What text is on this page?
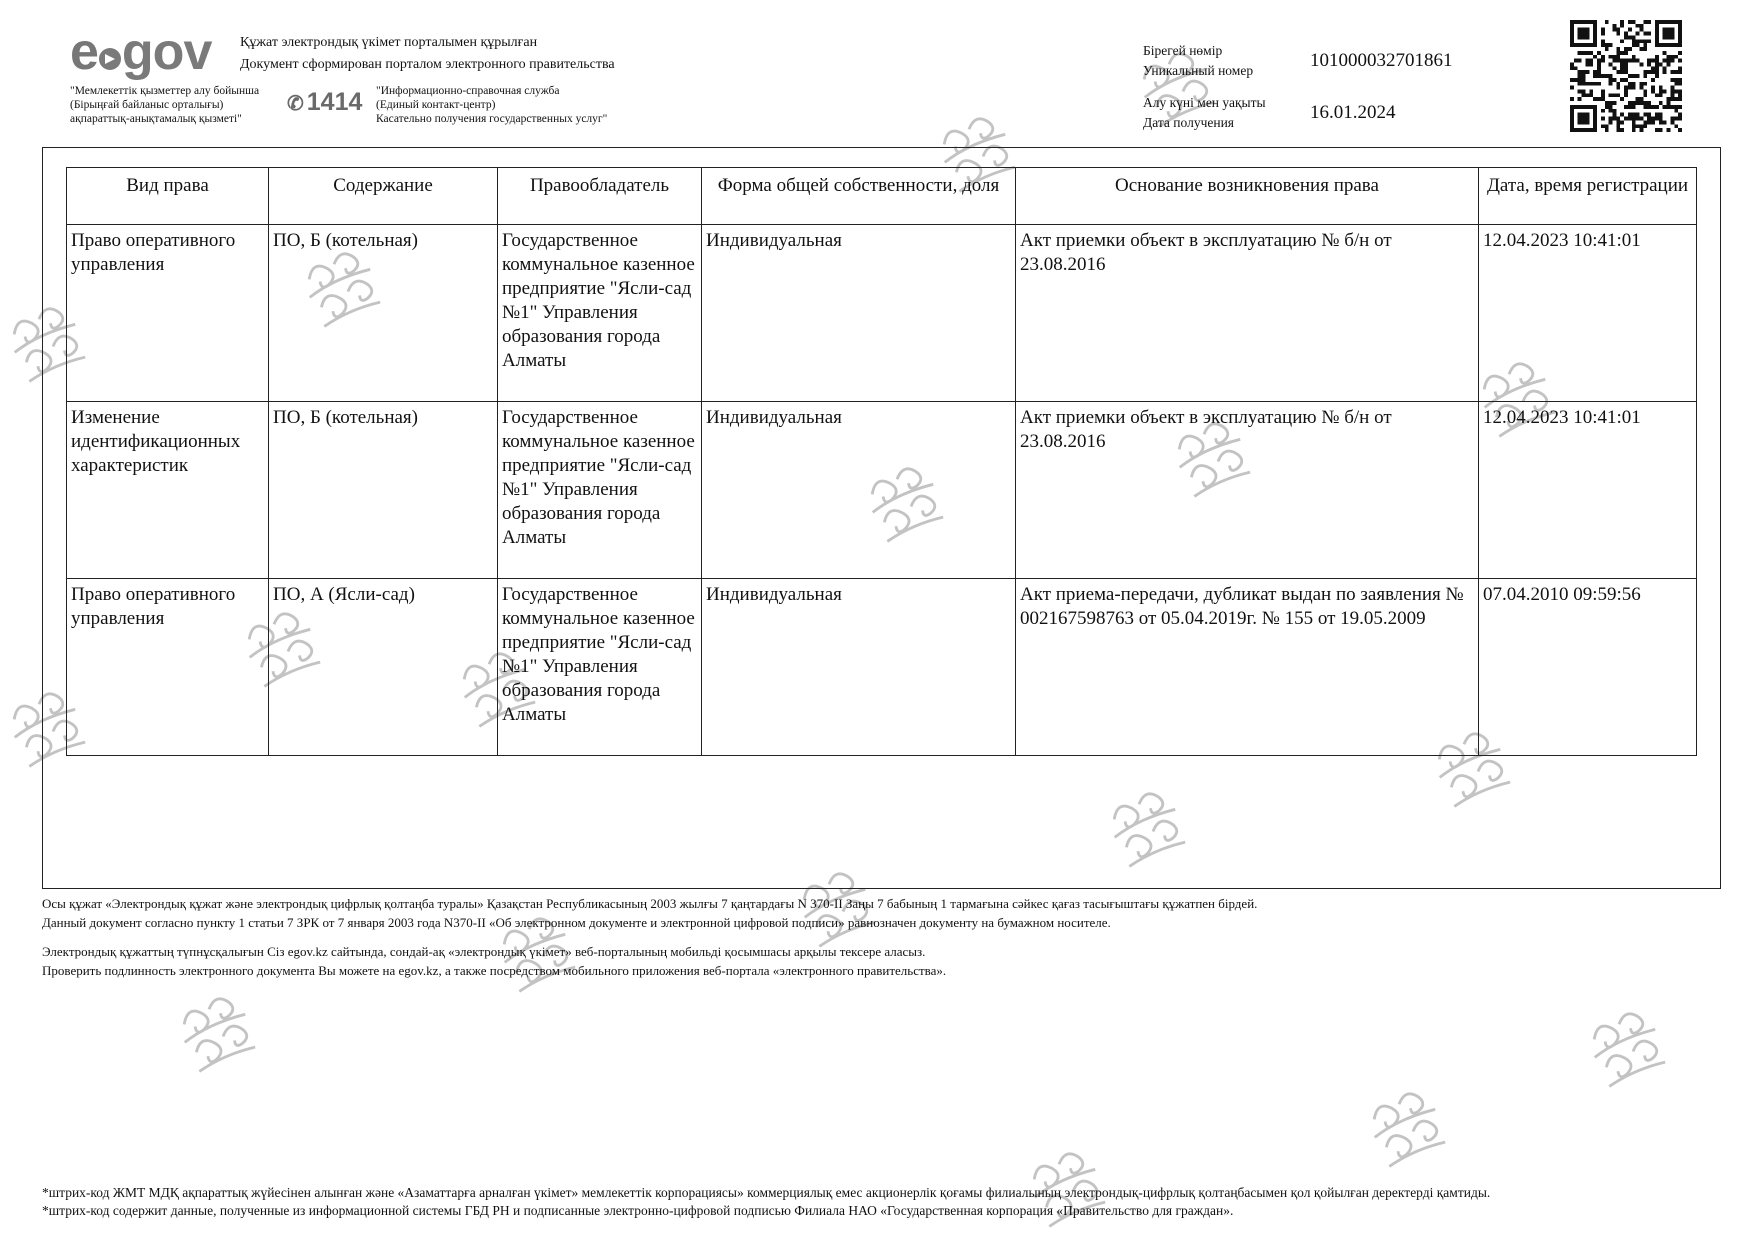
e gov Құжат электрондық үкімет порталымен құрылған
Документ сформирован порталом электронного правительства
"Мемлекеттік қызметтер алу бойынша
(Бірыңғай байланыс орталығы)
ақпараттық-анықтамалық қызметі"
✆ 1414 "Информационно-справочная служба
(Единый контакт-центр)
Касательно получения государственных услуг"
Бірегей нөмір
Уникальный номер	101000032701861
Алу күні мен уақыты
Дата получения	16.01.2024
Вид права	Содержание	Правообладатель	Форма общей собственности, доля	Основание возникновения права	Дата, время регистрации
Право оперативного управления	ПО, Б (котельная)	Государственное коммунальное казенное предприятие "Ясли-сад №1" Управления образования города Алматы	Индивидуальная	Акт приемки объект в эксплуатацию № б/н от 23.08.2016	12.04.2023 10:41:01
Изменение идентификационных характеристик	ПО, Б (котельная)	Государственное коммунальное казенное предприятие "Ясли-сад №1" Управления образования города Алматы	Индивидуальная	Акт приемки объект в эксплуатацию № б/н от 23.08.2016	12.04.2023 10:41:01
Право оперативного управления	ПО, А (Ясли-сад)	Государственное коммунальное казенное предприятие "Ясли-сад №1" Управления образования города Алматы	Индивидуальная	Акт приема-передачи, дубликат выдан по заявления № 002167598763 от 05.04.2019г. № 155 от 19.05.2009	07.04.2010 09:59:56
Осы құжат «Электрондық құжат және электрондық цифрлық қолтаңба туралы» Қазақстан Республикасының 2003 жылғы 7 қаңтардағы N 370-II Заңы 7 бабының 1 тармағына сәйкес қағаз тасығыштағы құжатпен бірдей.
Данный документ согласно пункту 1 статьи 7 ЗРК от 7 января 2003 года N370-II «Об электронном документе и электронной цифровой подписи» равнозначен документу на бумажном носителе.
Электрондық құжаттың түпнұсқалығын Сіз egov.kz сайтында, сондай-ақ «электрондық үкімет» веб-порталының мобильді қосымшасы арқылы тексере аласыз.
Проверить подлинность электронного документа Вы можете на egov.kz, а также посредством мобильного приложения веб-портала «электронного правительства».
*штрих-код ЖМТ МДҚ ақпараттық жүйесінен алынған және «Азаматтарға арналған үкімет» мемлекеттік корпорациясы» коммерциялық емес акционерлік қоғамы филиалының электрондық-цифрлық қолтаңбасымен қол қойылған деректерді қамтиды.
*штрих-код содержит данные, полученные из информационной системы ГБД РН и подписанные электронно-цифровой подписью Филиала НАО «Государственная корпорация «Правительство для граждан».
